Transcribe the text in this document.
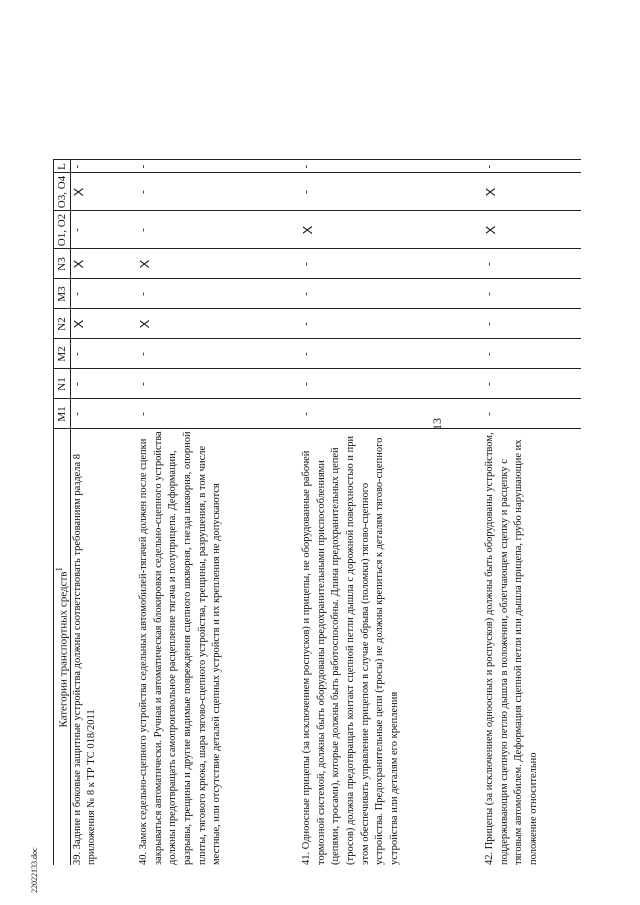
13
22022133.doc
Категории транспортных средств$^1$	M1	N1	M2	N2	M3	N3	O1, O2	O3, O4	L
39. Задние и боковые защитные устройства должны соответствовать требованиям раздела 8 приложения № 8 к ТР ТС 018/2011	-	-	-	X	-	X	-	X	-
40. Замок седельно-сцепного устройства седельных автомобилей-тягачей должен после сцепки закрываться автоматически. Ручная и автоматическая блокировки седельно-сцепного устройства должны предотвращать самопроизвольное расцепление тягача и полуприцепа. Деформации, разрывы, трещины и другие видимые повреждения сцепного шкворня, гнезда шкворня, опорной плиты, тягового крюка, шара тягово-сцепного устройства, трещины, разрушения, в том числе местные, или отсутствие деталей сцепных устройств и их крепления не допускаются	-	-	-	X	-	X	-	-	-
41. Одноосные прицепы (за исключением роспусков) и прицепы, не оборудованные рабочей тормозной системой, должны быть оборудованы предохранительными приспособлениями (цепями, тросами), которые должны быть работоспособны. Длина предохранительных цепей (тросов) должна предотвращать контакт сцепной петли дышла с дорожной поверхностью и при этом обеспечивать управление прицепом в случае обрыва (поломки) тягово-сцепного устройства. Предохранительные цепи (тросы) не должны крепиться к деталям тягово-сцепного устройства или деталям его крепления	-	-	-	-	-	-	X	-	-
42. Прицепы (за исключением одноосных и роспусков) должны быть оборудованы устройством, поддерживающим сцепную петлю дышла в положении, облегчающем сцепку и расцепку с тяговым автомобилем. Деформация сцепной петли или дышла прицепа, грубо нарушающие их положение относительно	-	-	-	-	-	-	X	X	-
